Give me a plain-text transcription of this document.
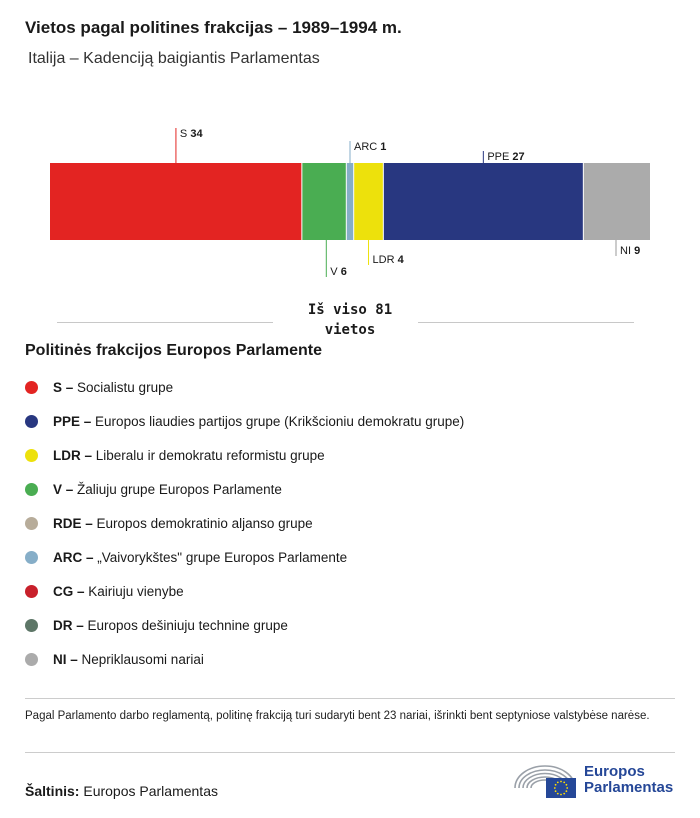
Vietos pagal politines frakcijas – 1989–1994 m.
Italija – Kadenciją baigiantis Parlamentas
S 34
V 6
ARC 1
LDR 4
PPE 27
NI 9
Iš viso 81
vietos
Politinės frakcijos Europos Parlamente
S –
Socialistu grupe
PPE –
Europos liaudies partijos grupe (Krikšcioniu demokratu grupe)
LDR –
Liberalu ir demokratu reformistu grupe
V –
Žaliuju grupe Europos Parlamente
RDE –
Europos demokratinio aljanso grupe
ARC –
„Vaivorykštes" grupe Europos Parlamente
CG –
Kairiuju vienybe
DR –
Europos dešiniuju technine grupe
NI –
Nepriklausomi nariai
Pagal Parlamento darbo reglamentą, politinę frakciją turi sudaryti bent 23 nariai, išrinkti bent septyniose valstybėse narėse.
Šaltinis: Europos Parlamentas
Europos
Parlamentas
